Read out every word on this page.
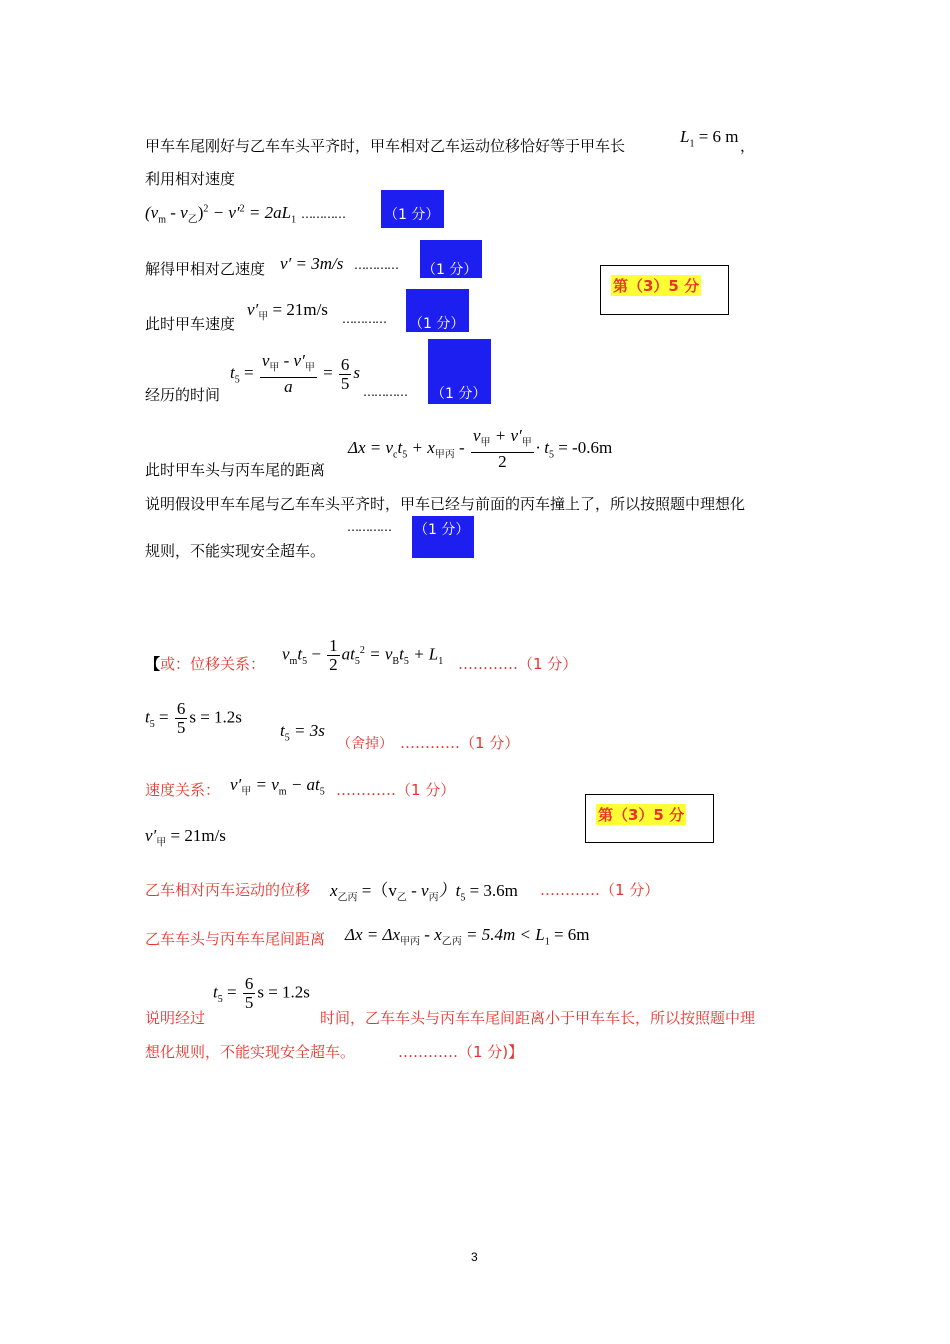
甲车车尾刚好与乙车车头平齐时，甲车相对乙车运动位移恰好等于甲车长	$L_1 = 6$ m ，
利用相对速度
$(v_m - v_乙)^2 - v'^2 = 2aL_1$ …………	（1 分）
解得甲相对乙速度 v′ = 3m/s ………… （1 分）
第（3）5 分
此时甲车速度
$v'_甲 = 21m/s$ ………… （1 分）
经历的时间
$t_5 = \frac{v_甲 - v'_甲}{a} = \frac{6}{5}$ s
………… （1 分）
此时甲车头与丙车尾的距离
$\Delta x = v_ct_5 + x_{甲丙} - \frac{v_甲 + v'_甲}{2} \cdot t_5 = -0.6m$
说明假设甲车车尾与乙车车头平齐时，甲车已经与前面的丙车撞上了，所以按照题中理想化
………… （1 分）
规则，不能实现安全超车。
【 或：位移关系：
$v_mt_5 - \frac{1}{2} at_5^2 = v_Bt_5 + L_1$ …………（1 分）
$t_5 = \frac{6}{5}$ s = 1.2s
$t_5 = 3s$
（舍掉） …………（1 分）
速度关系： $v'_甲 = v_m - at_5$ …………（1 分）
第（3）5 分
$v'_甲 = 21m/s$
乙车相对丙车运动的位移 $x_{乙丙} =(v_乙 - v_丙)t_5 = 3.6m$ …………（1 分）
乙车车头与丙车车尾间距离 $\Delta x = \Delta x_{甲丙} - x_{乙丙} = 5.4m < L_1 = 6m$
$t_5 = \frac{6}{5}$ s = 1.2s
说明经过	时间，乙车车头与丙车车尾间距离小于甲车车长，所以按照题中理
想化规则，不能实现安全超车。	…………（1 分)】
3
